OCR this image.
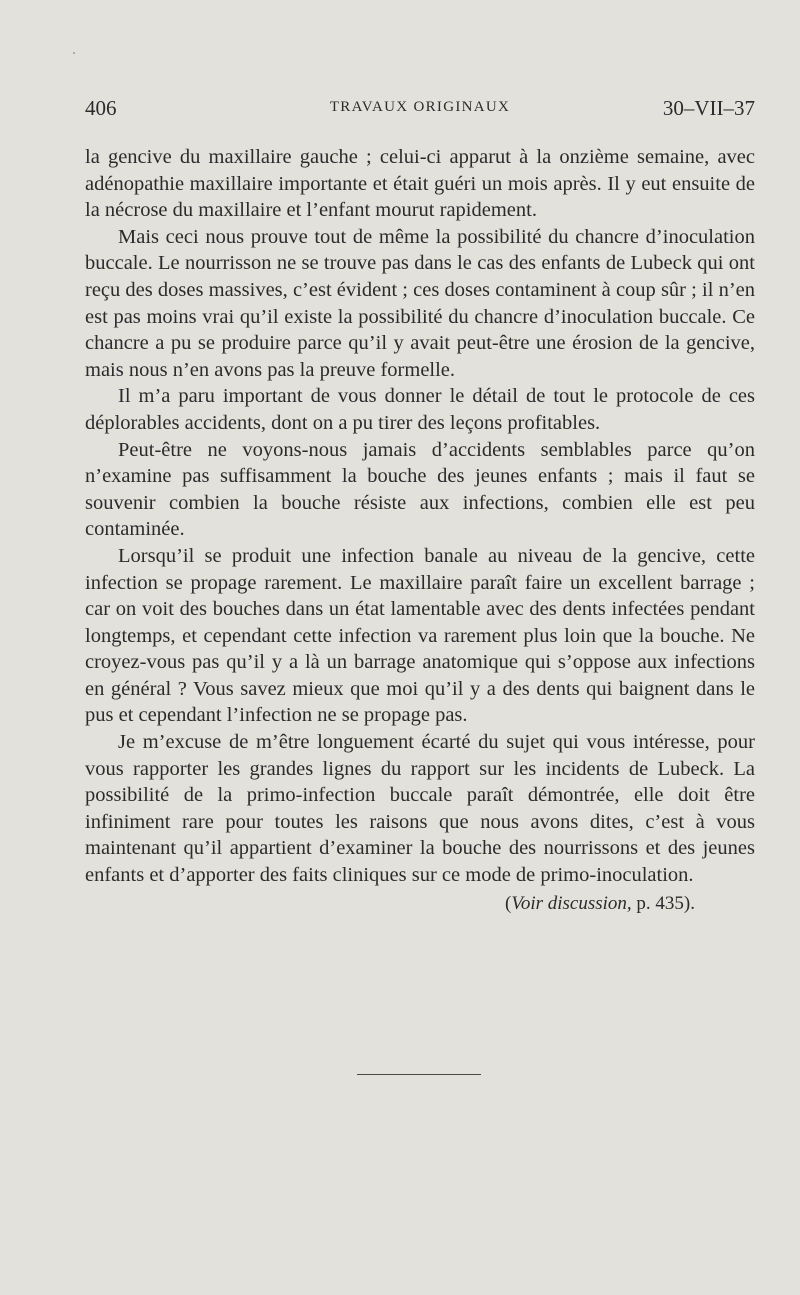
406	TRAVAUX ORIGINAUX	30–VII–37

la gencive du maxillaire gauche ; celui-ci apparut à la onzième semaine, avec adénopathie maxillaire importante et était guéri un mois après. Il y eut ensuite de la nécrose du maxillaire et l’enfant mourut rapidement.

Mais ceci nous prouve tout de même la possibilité du chancre d’inoculation buccale. Le nourrisson ne se trouve pas dans le cas des enfants de Lubeck qui ont reçu des doses massives, c’est évident ; ces doses contaminent à coup sûr ; il n’en est pas moins vrai qu’il existe la possibilité du chancre d’inoculation buccale. Ce chancre a pu se produire parce qu’il y avait peut-être une érosion de la gencive, mais nous n’en avons pas la preuve formelle.

Il m’a paru important de vous donner le détail de tout le protocole de ces déplorables accidents, dont on a pu tirer des leçons profitables.

Peut-être ne voyons-nous jamais d’accidents semblables parce qu’on n’examine pas suffisamment la bouche des jeunes enfants ; mais il faut se souvenir combien la bouche résiste aux infections, combien elle est peu contaminée.

Lorsqu’il se produit une infection banale au niveau de la gencive, cette infection se propage rarement. Le maxillaire paraît faire un excellent barrage ; car on voit des bouches dans un état lamentable avec des dents infectées pendant longtemps, et cependant cette infection va rarement plus loin que la bouche. Ne croyez-vous pas qu’il y a là un barrage anatomique qui s’oppose aux infections en général ? Vous savez mieux que moi qu’il y a des dents qui baignent dans le pus et cependant l’infection ne se propage pas.

Je m’excuse de m’être longuement écarté du sujet qui vous intéresse, pour vous rapporter les grandes lignes du rapport sur les incidents de Lubeck. La possibilité de la primo-infection buccale paraît démontrée, elle doit être infiniment rare pour toutes les raisons que nous avons dites, c’est à vous maintenant qu’il appartient d’examiner la bouche des nourrissons et des jeunes enfants et d’apporter des faits cliniques sur ce mode de primo-inoculation.

(Voir discussion, p. 435).
